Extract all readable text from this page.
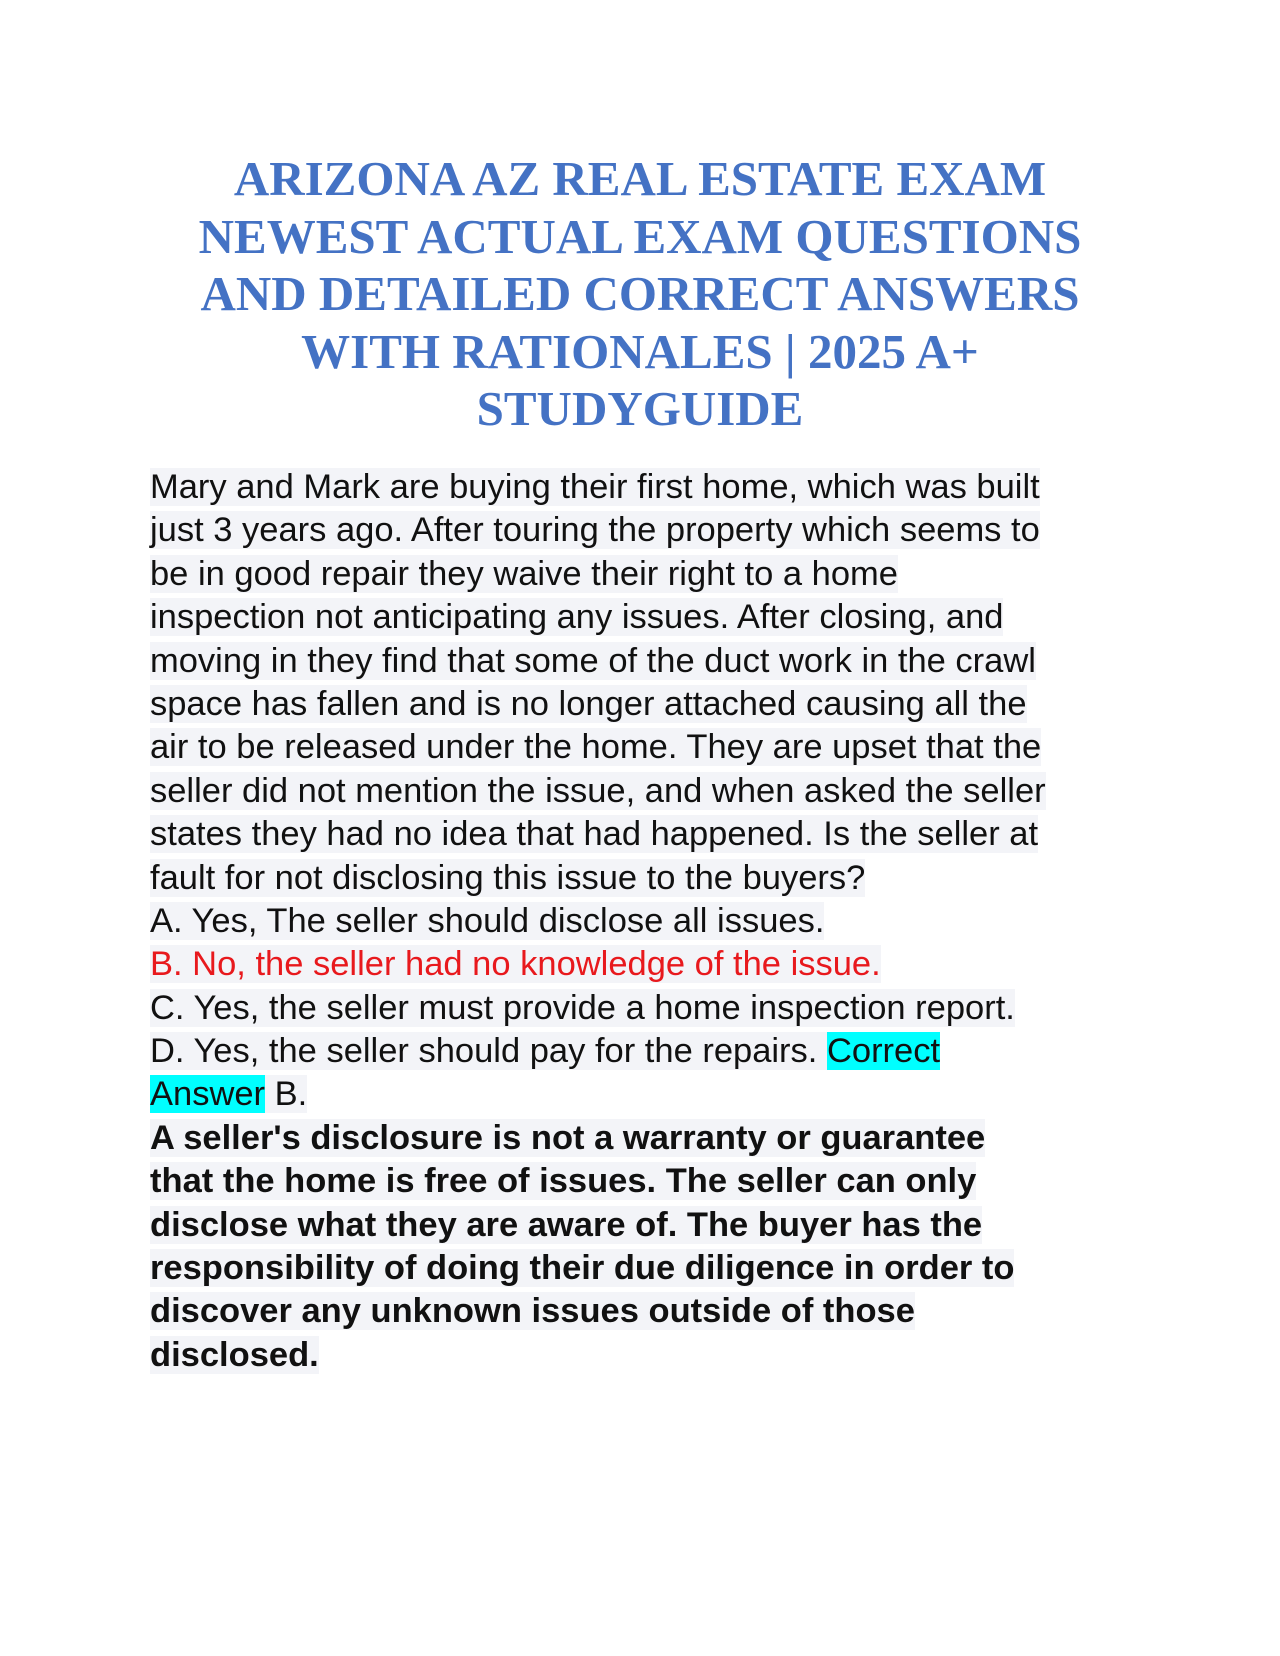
ARIZONA AZ REAL ESTATE EXAM
NEWEST ACTUAL EXAM QUESTIONS
AND DETAILED CORRECT ANSWERS
WITH RATIONALES | 2025 A+
STUDYGUIDE
Mary and Mark are buying their first home, which was built
just 3 years ago. After touring the property which seems to
be in good repair they waive their right to a home
inspection not anticipating any issues. After closing, and
moving in they find that some of the duct work in the crawl
space has fallen and is no longer attached causing all the
air to be released under the home. They are upset that the
seller did not mention the issue, and when asked the seller
states they had no idea that had happened. Is the seller at
fault for not disclosing this issue to the buyers?
A. Yes, The seller should disclose all issues.
B. No, the seller had no knowledge of the issue.
C. Yes, the seller must provide a home inspection report.
D. Yes, the seller should pay for the repairs. Correct
Answer B.
A seller's disclosure is not a warranty or guarantee
that the home is free of issues. The seller can only
disclose what they are aware of. The buyer has the
responsibility of doing their due diligence in order to
discover any unknown issues outside of those
disclosed.
